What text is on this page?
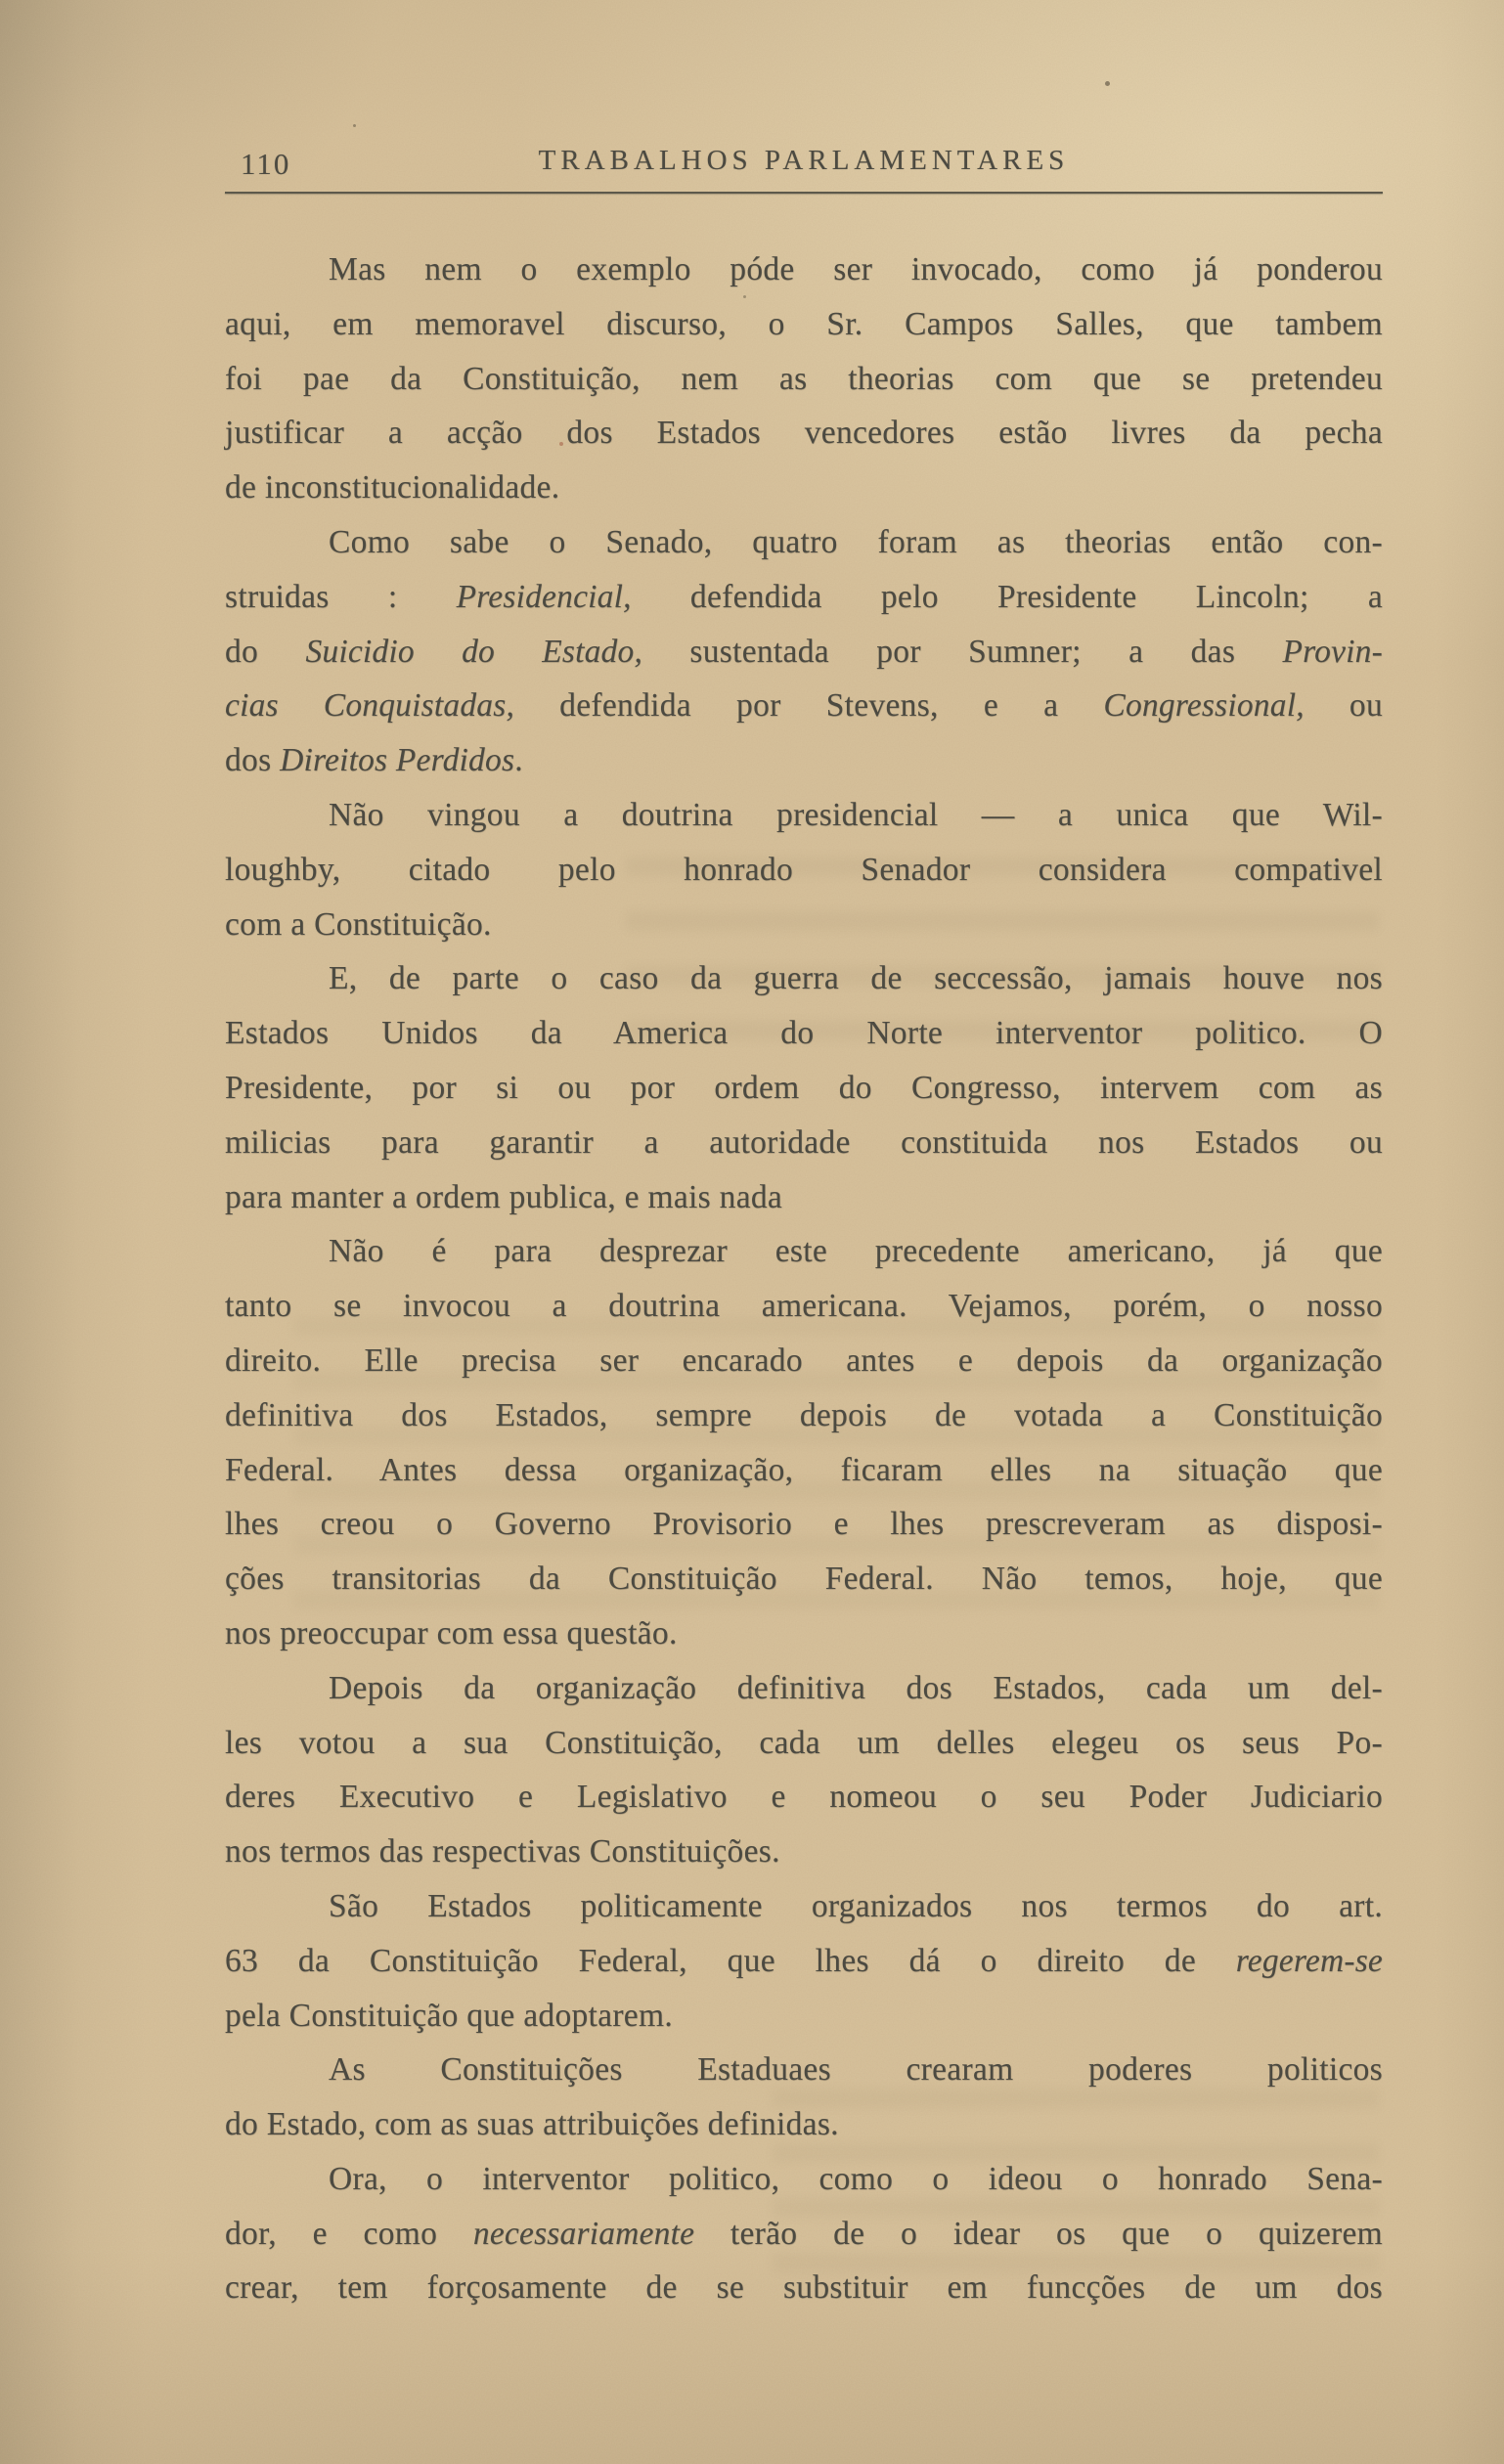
110	TRABALHOS PARLAMENTARES
Mas nem o exemplo póde ser invocado, como já ponderou
aqui, em memoravel discurso, o Sr. Campos Salles, que tambem
foi pae da Constituição, nem as theorias com que se pretendeu
justificar a acção dos Estados vencedores estão livres da pecha
de inconstitucionalidade.
Como sabe o Senado, quatro foram as theorias então con-
struidas : Presidencial, defendida pelo Presidente Lincoln; a
do Suicidio do Estado, sustentada por Sumner; a das Provin-
cias Conquistadas, defendida por Stevens, e a Congressional, ou
dos Direitos Perdidos.
Não vingou a doutrina presidencial — a unica que Wil-
loughby, citado pelo honrado Senador considera compativel
com a Constituição.
E, de parte o caso da guerra de seccessão, jamais houve nos
Estados Unidos da America do Norte interventor politico. O
Presidente, por si ou por ordem do Congresso, intervem com as
milicias para garantir a autoridade constituida nos Estados ou
para manter a ordem publica, e mais nada
Não é para desprezar este precedente americano, já que
tanto se invocou a doutrina americana. Vejamos, porém, o nosso
direito. Elle precisa ser encarado antes e depois da organização
definitiva dos Estados, sempre depois de votada a Constituição
Federal. Antes dessa organização, ficaram elles na situação que
lhes creou o Governo Provisorio e lhes prescreveram as disposi-
ções transitorias da Constituição Federal. Não temos, hoje, que
nos preoccupar com essa questão.
Depois da organização definitiva dos Estados, cada um del-
les votou a sua Constituição, cada um delles elegeu os seus Po-
deres Executivo e Legislativo e nomeou o seu Poder Judiciario
nos termos das respectivas Constituições.
São Estados politicamente organizados nos termos do art.
63 da Constituição Federal, que lhes dá o direito de regerem-se
pela Constituição que adoptarem.
As Constituições Estaduaes crearam poderes politicos
do Estado, com as suas attribuições definidas.
Ora, o interventor politico, como o ideou o honrado Sena-
dor, e como necessariamente terão de o idear os que o quizerem
crear, tem forçosamente de se substituir em funcções de um dos
